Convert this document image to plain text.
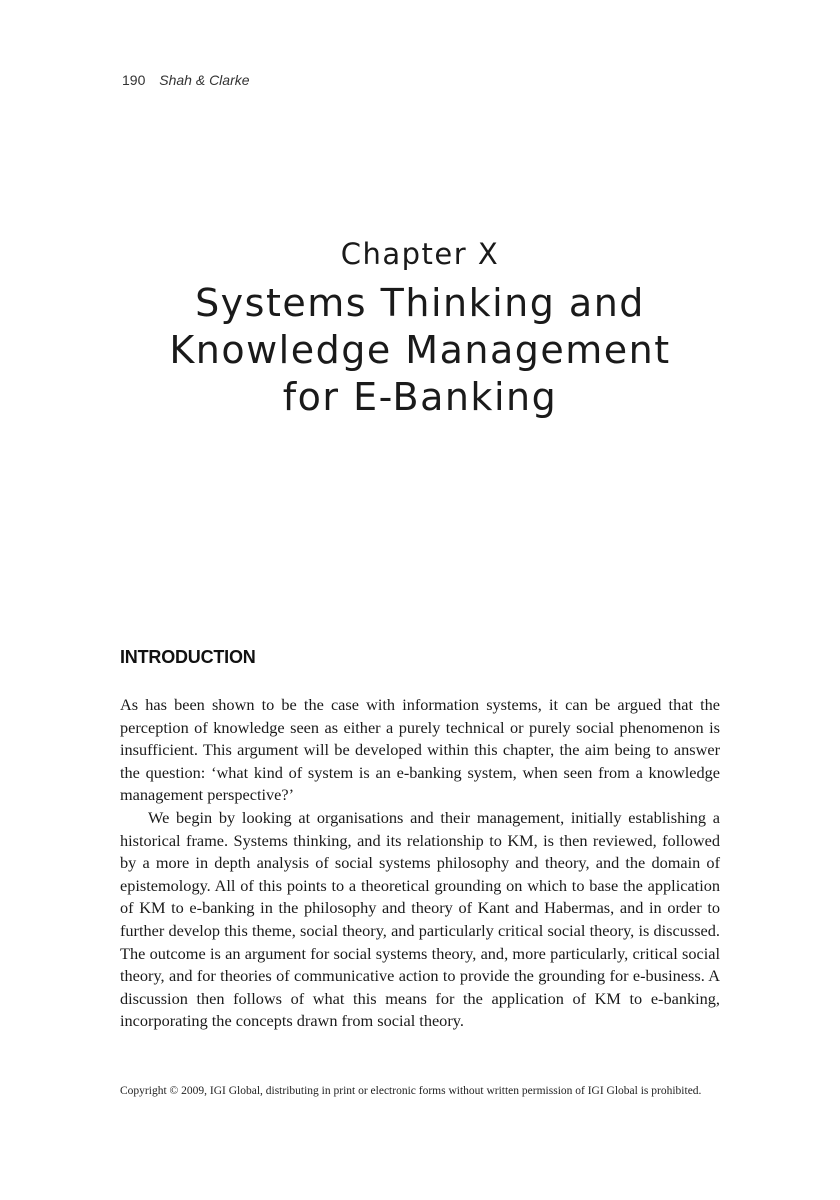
190 Shah & Clarke
Chapter X
Systems Thinking and
Knowledge Management
for E-Banking
INTRODUCTION

As has been shown to be the case with information systems, it can be argued that the perception of knowledge seen as either a purely technical or purely social phenomenon is insufficient. This argument will be developed within this chapter, the aim being to answer the question: ‘what kind of system is an e-banking system, when seen from a knowledge management perspective?’

We begin by looking at organisations and their management, initially establishing a historical frame. Systems thinking, and its relationship to KM, is then reviewed, followed by a more in depth analysis of social systems philosophy and theory, and the domain of epistemology. All of this points to a theoretical grounding on which to base the application of KM to e-banking in the philosophy and theory of Kant and Habermas, and in order to further develop this theme, social theory, and particularly critical social theory, is discussed. The outcome is an argument for social systems theory, and, more particularly, critical social theory, and for theories of communicative action to provide the grounding for e-business. A discussion then follows of what this means for the application of KM to e-banking, incorporating the concepts drawn from social theory.

Copyright © 2009, IGI Global, distributing in print or electronic forms without written permission of IGI Global is prohibited.
